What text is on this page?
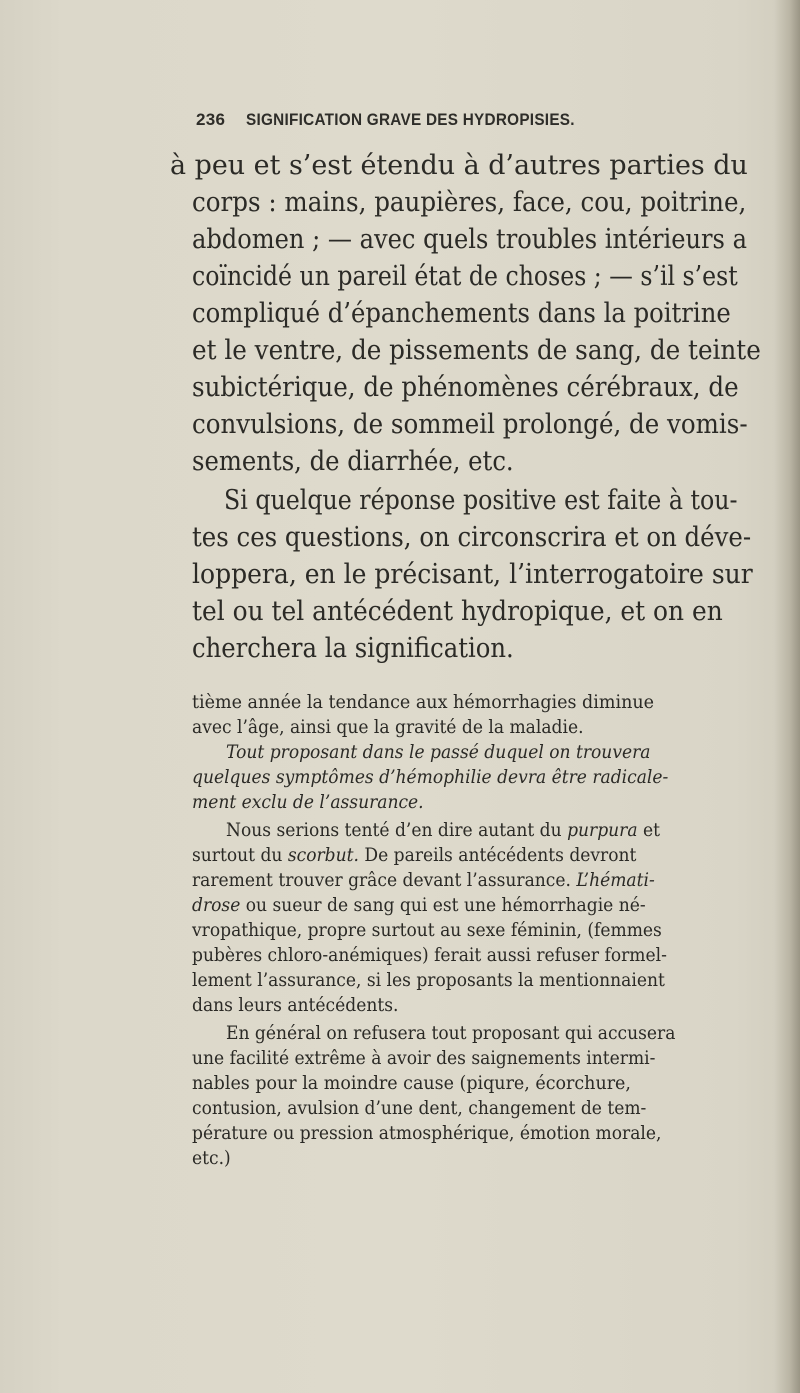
236 SIGNIFICATION GRAVE DES HYDROPISIES.
à peu et s’est étendu à d’autres parties du
corps : mains, paupières, face, cou, poitrine,
abdomen ; — avec quels troubles intérieurs a
coïncidé un pareil état de choses ; — s’il s’est
compliqué d’épanchements dans la poitrine
et le ventre, de pissements de sang, de teinte
subictérique, de phénomènes cérébraux, de
convulsions, de sommeil prolongé, de vomis-
sements, de diarrhée, etc.
Si quelque réponse positive est faite à tou-
tes ces questions, on circonscrira et on déve-
loppera, en le précisant, l’interrogatoire sur
tel ou tel antécédent hydropique, et on en
cherchera la signification.
tième année la tendance aux hémorrhagies diminue
avec l’âge, ainsi que la gravité de la maladie.
Tout proposant dans le passé duquel on trouvera
quelques symptômes d’hémophilie devra être radicale-
ment exclu de l’assurance.
Nous serions tenté d’en dire autant du purpura et
surtout du scorbut. De pareils antécédents devront
rarement trouver grâce devant l’assurance. L’hémati-
drose ou sueur de sang qui est une hémorrhagie né-
vropathique, propre surtout au sexe féminin, (femmes
pubères chloro-anémiques) ferait aussi refuser formel-
lement l’assurance, si les proposants la mentionnaient
dans leurs antécédents.
En général on refusera tout proposant qui accusera
une facilité extrême à avoir des saignements intermi-
nables pour la moindre cause (piqure, écorchure,
contusion, avulsion d’une dent, changement de tem-
pérature ou pression atmosphérique, émotion morale,
etc.)
